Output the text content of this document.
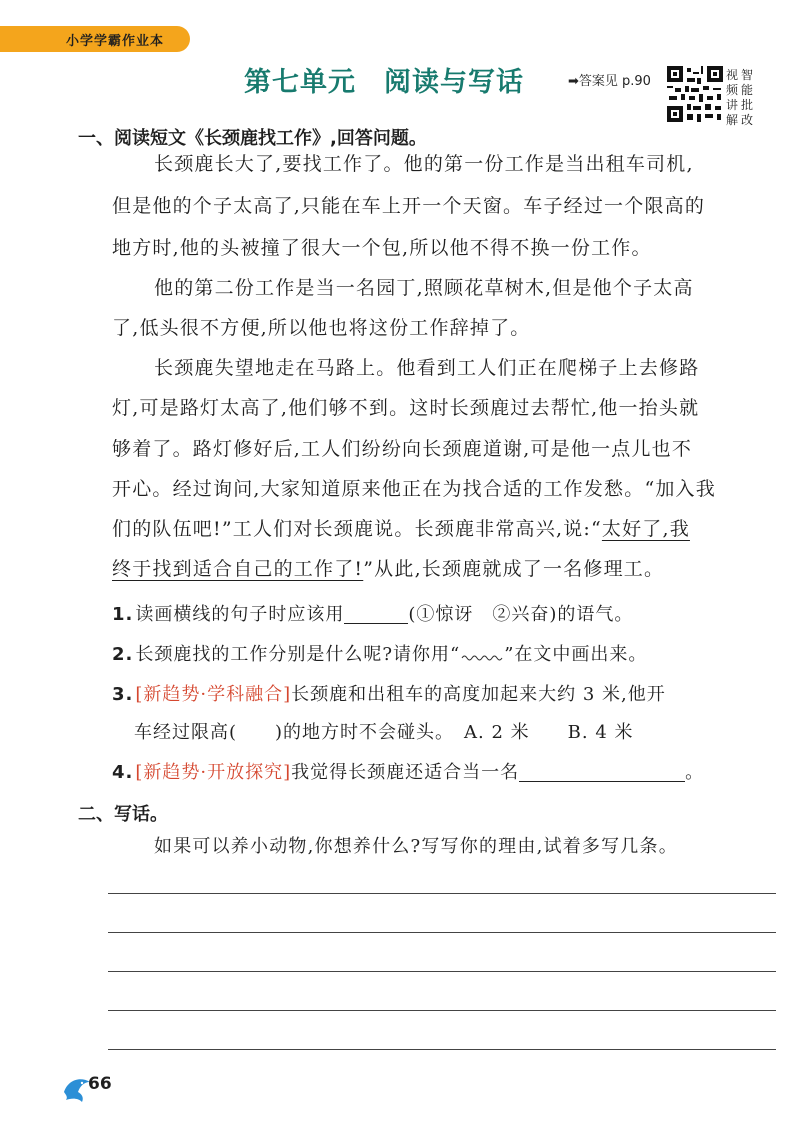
小学学霸作业本
第七单元　阅读与写话	➡答案见 p.90	视频讲解
智能批改
一、阅读短文《长颈鹿找工作》,回答问题。
长颈鹿长大了,要找工作了。他的第一份工作是当出租车司机,
但是他的个子太高了,只能在车上开一个天窗。车子经过一个限高的
地方时,他的头被撞了很大一个包,所以他不得不换一份工作。
他的第二份工作是当一名园丁,照顾花草树木,但是他个子太高
了,低头很不方便,所以他也将这份工作辞掉了。
长颈鹿失望地走在马路上。他看到工人们正在爬梯子上去修路
灯,可是路灯太高了,他们够不到。这时长颈鹿过去帮忙,他一抬头就
够着了。路灯修好后,工人们纷纷向长颈鹿道谢,可是他一点儿也不
开心。经过询问,大家知道原来他正在为找合适的工作发愁。“加入我
们的队伍吧!”工人们对长颈鹿说。长颈鹿非常高兴,说:“太好了,我
终于找到适合自己的工作了!”从此,长颈鹿就成了一名修理工。
1. 读画横线的句子时应该用	(①惊讶　②兴奋)的语气。
2. 长颈鹿找的工作分别是什么呢?请你用“ ”在文中画出来。
3. [新趋势·学科融合]长颈鹿和出租车的高度加起来大约 3 米,他开
车经过限高(　　)的地方时不会碰头。　A. 2 米　　B. 4 米
4. [新趋势·开放探究]我觉得长颈鹿还适合当一名	。
二、写话。
如果可以养小动物,你想养什么?写写你的理由,试着多写几条。
66
